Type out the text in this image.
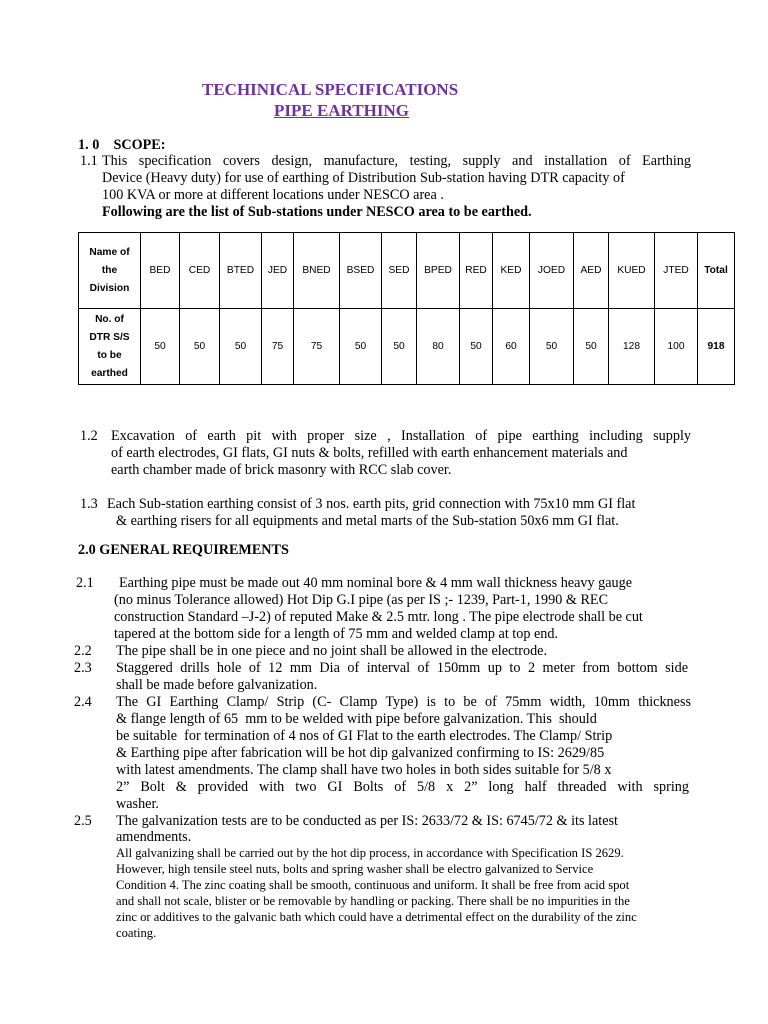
TECHINICAL SPECIFICATIONS
PIPE EARTHING
1. 0    SCOPE:
1.1 This  specification  covers  design,  manufacture,  testing,  supply  and  installation  of  Earthing
Device (Heavy duty) for use of earthing of Distribution Sub-station having DTR capacity of
100 KVA or more at different locations under NESCO area .
Following are the list of Sub-stations under NESCO area to be earthed.
Name of
the
Division	BED	CED	BTED	JED	BNED	BSED	SED	BPED	RED	KED	JOED	AED	KUED	JTED	Total

No. of
DTR S/S
to be
earthed	50	50	50	75	75	50	50	80	50	60	50	50	128	100	918
1.2 Excavation  of  earth  pit  with  proper  size  ,  Installation  of  pipe  earthing  including  supply
of earth electrodes, GI flats, GI nuts & bolts, refilled with earth enhancement materials and
earth chamber made of brick masonry with RCC slab cover.
1.3 Each Sub-station earthing consist of 3 nos. earth pits, grid connection with 75x10 mm GI flat
& earthing risers for all equipments and metal marts of the Sub-station 50x6 mm GI flat.
2.0 GENERAL REQUIREMENTS
2.1 Earthing pipe must be made out 40 mm nominal bore & 4 mm wall thickness heavy gauge
(no minus Tolerance allowed) Hot Dip G.I pipe (as per IS ;- 1239, Part-1, 1990 & REC
construction Standard –J-2) of reputed Make & 2.5 mtr. long . The pipe electrode shall be cut
tapered at the bottom side for a length of 75 mm and welded clamp at top end.
2.2 The pipe shall be in one piece and no joint shall be allowed in the electrode.
2.3 Staggered drills hole of 12 mm Dia of interval of 150mm up to 2 meter from bottom side
shall be made before galvanization.
2.4 The GI Earthing Clamp/ Strip (C- Clamp Type) is to be of 75mm width, 10mm thickness
& flange length of 65  mm to be welded with pipe before galvanization. This  should
be suitable  for termination of 4 nos of GI Flat to the earth electrodes. The Clamp/ Strip
& Earthing pipe after fabrication will be hot dip galvanized confirming to IS: 2629/85
with latest amendments. The clamp shall have two holes in both sides suitable for 5/8 x
2”  Bolt  &  provided  with  two  GI  Bolts  of  5/8  x  2”  long  half  threaded  with  spring
washer.
2.5 The galvanization tests are to be conducted as per IS: 2633/72 & IS: 6745/72 & its latest
amendments.
All galvanizing shall be carried out by the hot dip process, in accordance with Specification IS 2629.
However, high tensile steel nuts, bolts and spring washer shall be electro galvanized to Service
Condition 4. The zinc coating shall be smooth, continuous and uniform. It shall be free from acid spot
and shall not scale, blister or be removable by handling or packing. There shall be no impurities in the
zinc or additives to the galvanic bath which could have a detrimental effect on the durability of the zinc
coating.
